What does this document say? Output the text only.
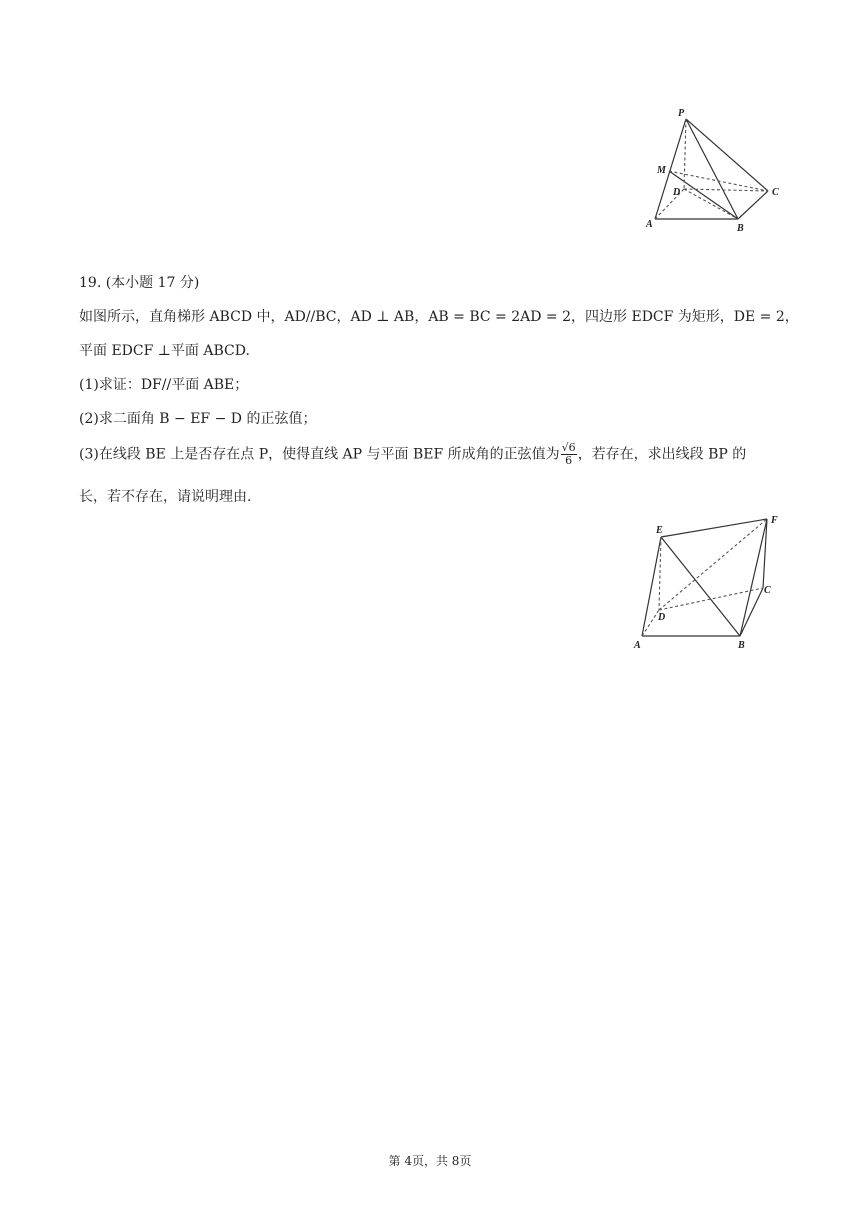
P
M
D	C
A	B
19. (本小题 17 分)
如图所示，直角梯形 ABCD 中，AD//BC，AD ⊥ AB，AB = BC = 2AD = 2，四边形 EDCF 为矩形，DE = 2，
平面 EDCF ⊥平面 ABCD.
(1)求证：DF//平面 ABE；
(2)求二面角 B − EF − D 的正弦值；
(3)在线段 BE 上是否存在点 P，使得直线 AP 与平面 BEF 所成角的正弦值为 $\frac{√6}{6}$ ，若存在，求出线段 BP 的
长，若不存在，请说明理由.
E
F
C
D
A	B
第 4页，共 8页
